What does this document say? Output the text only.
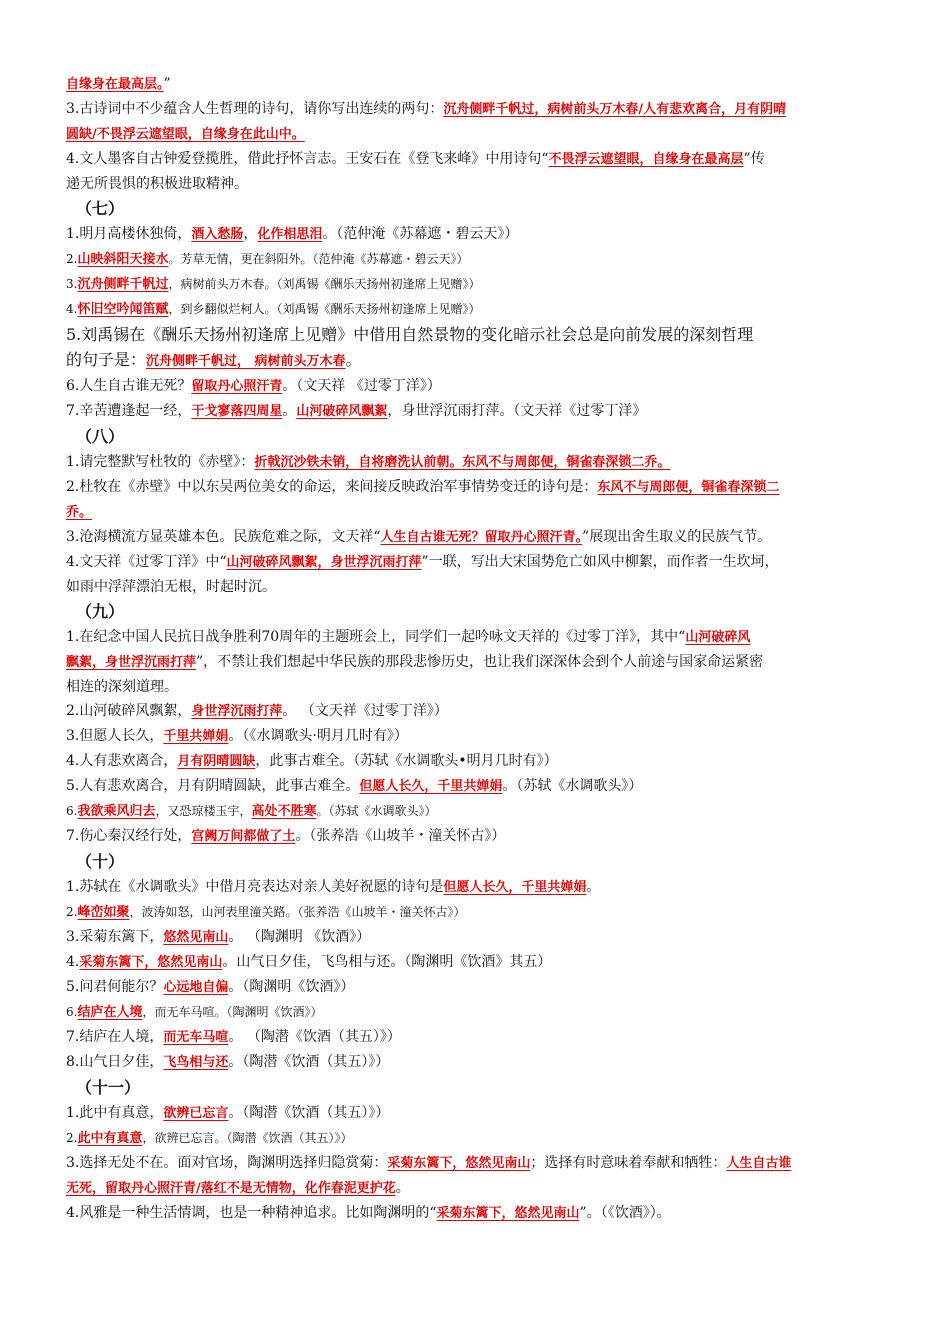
自缘身在最高层。”
3.古诗词中不少蕴含人生哲理的诗句，请你写出连续的两句：沉舟侧畔千帆过，病树前头万木春/人有悲欢离合，月有阴晴
圆缺/不畏浮云遮望眼，自缘身在此山中。
4.文人墨客自古钟爱登揽胜，借此抒怀言志。王安石在《登飞来峰》中用诗句“不畏浮云遮望眼，自缘身在最高层”传
递无所畏惧的积极进取精神。
（七）
1.明月高楼休独倚，酒入愁肠，化作相思泪。（范仲淹《苏幕遮・碧云天》）
2.山映斜阳天接水。芳草无情，更在斜阳外。（范仲淹《苏幕遮・碧云天》）
3.沉舟侧畔千帆过，病树前头万木春。（刘禹锡《酬乐天扬州初逢席上见赠》）
4.怀旧空吟闻笛赋，到乡翻似烂柯人。（刘禹锡《酬乐天扬州初逢席上见赠》）
5.刘禹锡在《酬乐天扬州初逢席上见赠》中借用自然景物的变化暗示社会总是向前发展的深刻哲理
的句子是：沉舟侧畔千帆过， 病树前头万木春。
6.人生自古谁无死？留取丹心照汗青。（文天祥 《过零丁洋》）
7.辛苦遭逢起一经，干戈寥落四周星。山河破碎风飘絮，身世浮沉雨打萍。（文天祥《过零丁洋》
（八）
1.请完整默写杜牧的《赤壁》：折戟沉沙铁未销，自将磨洗认前朝。东风不与周郎便，铜雀春深锁二乔。
2.杜牧在《赤壁》中以东吴两位美女的命运，来间接反映政治军事情势变迁的诗句是：东风不与周郎便，铜雀春深锁二
乔。
3.沧海横流方显英雄本色。民族危难之际，文天祥“人生自古谁无死？留取丹心照汗青。”展现出舍生取义的民族气节。
4.文天祥《过零丁洋》中“山河破碎风飘絮，身世浮沉雨打萍”一联，写出大宋国势危亡如风中柳絮，而作者一生坎坷，
如雨中浮萍漂泊无根，时起时沉。
（九）
1.在纪念中国人民抗日战争胜利70周年的主题班会上，同学们一起吟咏文天祥的《过零丁洋》，其中“山河破碎风
飘絮，身世浮沉雨打萍”，不禁让我们想起中华民族的那段悲惨历史，也让我们深深体会到个人前途与国家命运紧密
相连的深刻道理。
2.山河破碎风飘絮，身世浮沉雨打萍。 （文天祥《过零丁洋》）
3.但愿人长久，千里共婵娟。（《水调歌头·明月几时有》）
4.人有悲欢离合，月有阴晴圆缺，此事古难全。（苏轼《水调歌头•明月几时有》）
5.人有悲欢离合，月有阴晴圆缺，此事古难全。但愿人长久，千里共婵娟。（苏轼《水调歌头》）
6.我欲乘风归去，又恐琼楼玉宇，高处不胜寒。（苏轼《水调歌头》）
7.伤心秦汉经行处，宫阙万间都做了土。（张养浩《山坡羊・潼关怀古》）
（十）
1.苏轼在《水调歌头》中借月亮表达对亲人美好祝愿的诗句是但愿人长久，千里共婵娟。
2.峰峦如聚，波涛如怒，山河表里潼关路。（张养浩《山坡羊・潼关怀古》）
3.采菊东篱下，悠然见南山。 （陶渊明 《饮酒》）
4.采菊东篱下，悠然见南山。山气日夕佳，飞鸟相与还。（陶渊明《饮酒》其五）
5.问君何能尔？心远地自偏。（陶渊明《饮酒》）
6.结庐在人境，而无车马喧。（陶渊明《饮酒》）
7.结庐在人境，而无车马喧。 （陶潜《饮酒（其五）》）
8.山气日夕佳，飞鸟相与还。（陶潜《饮酒（其五）》）
（十一）
1.此中有真意，欲辨已忘言。（陶潜《饮酒（其五）》）
2.此中有真意，欲辨已忘言。（陶潜《饮酒（其五）》）
3.选择无处不在。面对官场，陶渊明选择归隐赏菊：采菊东篱下，悠然见南山；选择有时意味着奉献和牺牲：人生自古谁
无死，留取丹心照汗青/落红不是无情物，化作春泥更护花。
4.风雅是一种生活情调，也是一种精神追求。比如陶渊明的“采菊东篱下，悠然见南山”。（《饮酒》）。
